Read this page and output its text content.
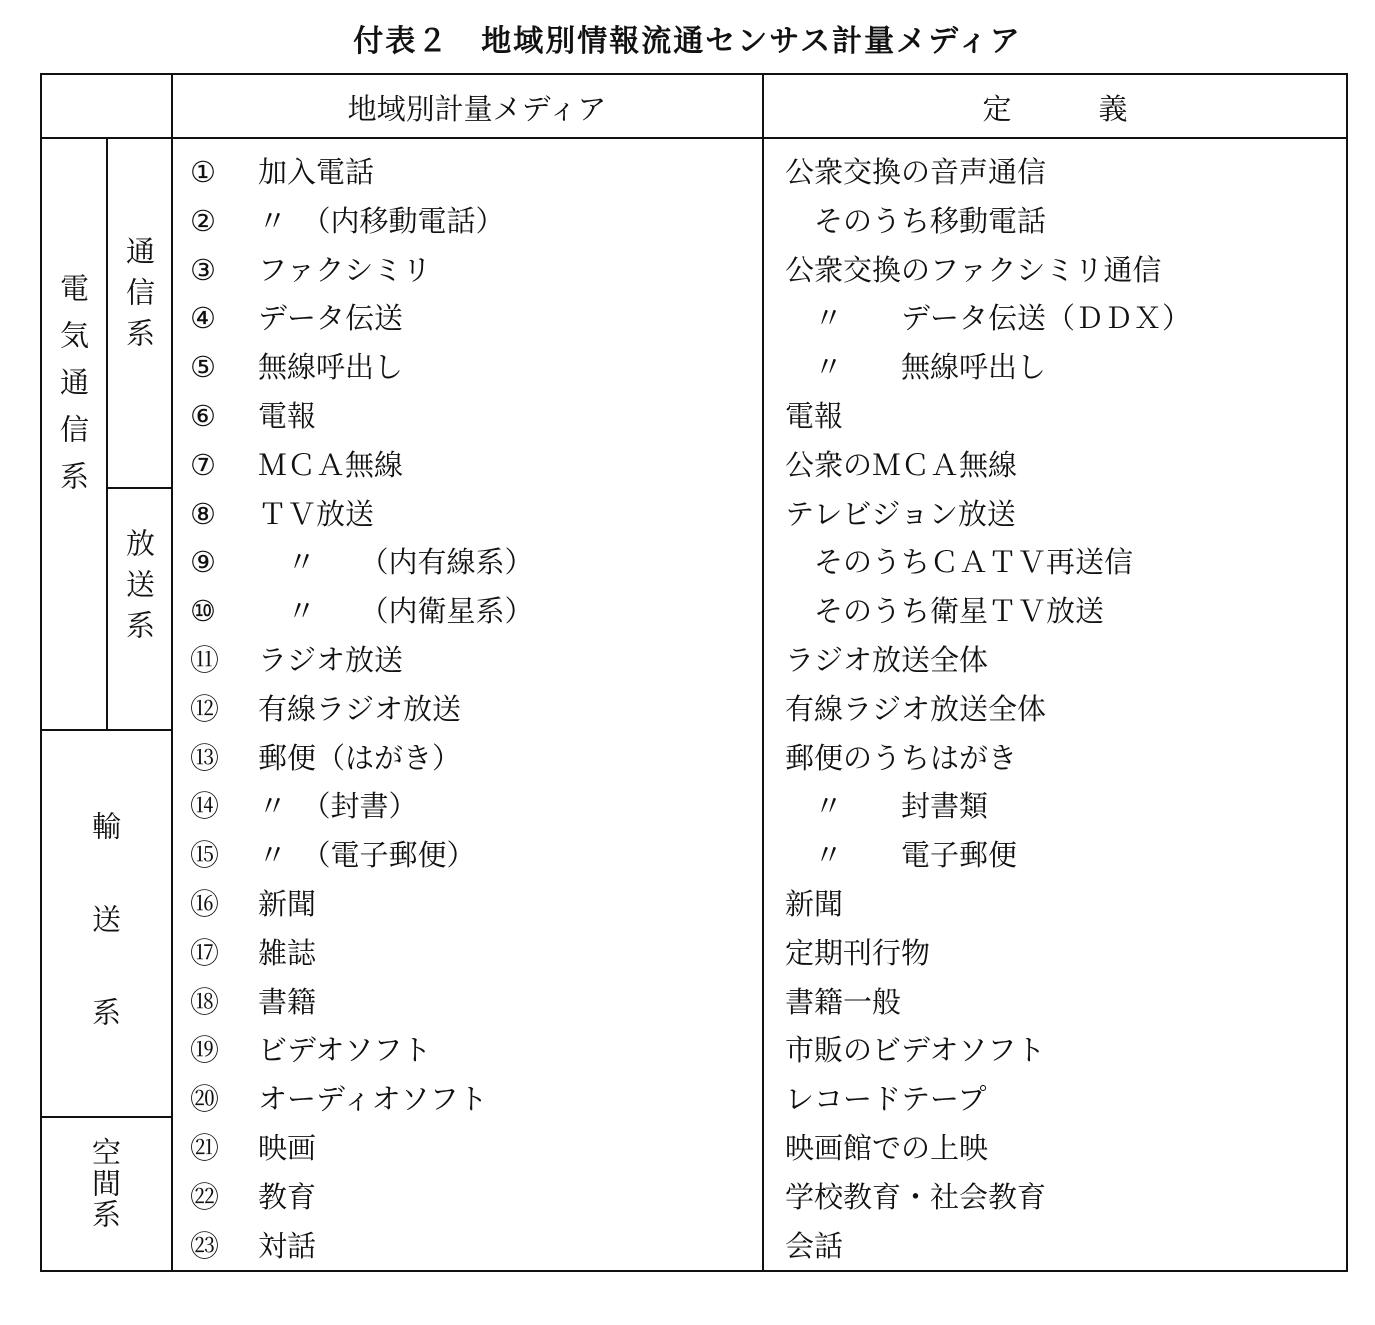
付表２　地域別情報流通センサス計量メディア
地域別計量メディア	定　　　義
電気通信系 通信系
放送系
輸送系
空間系
① 加入電話	公衆交換の音声通信
② 〃　（内移動電話）	　そのうち移動電話
③ ファクシミリ	公衆交換のファクシミリ通信
④ データ伝送	　〃　　データ伝送（ＤＤＸ）
⑤ 無線呼出し	　〃　　無線呼出し
⑥ 電報	電報
⑦ ＭＣＡ無線	公衆のＭＣＡ無線
⑧ ＴＶ放送	テレビジョン放送
⑨ 　〃　　（内有線系）	　そのうちＣＡＴＶ再送信
⑩ 　〃　　（内衛星系）	　そのうち衛星ＴＶ放送
⑪ ラジオ放送	ラジオ放送全体
⑫ 有線ラジオ放送	有線ラジオ放送全体
⑬ 郵便（はがき）	郵便のうちはがき
⑭ 〃　（封書）	　〃　　封書類
⑮ 〃　（電子郵便）	　〃　　電子郵便
⑯ 新聞	新聞
⑰ 雑誌	定期刊行物
⑱ 書籍	書籍一般
⑲ ビデオソフト	市販のビデオソフト
⑳ オーディオソフト	レコードテープ
㉑ 映画	映画館での上映
㉒ 教育	学校教育・社会教育
㉓ 対話	会話
